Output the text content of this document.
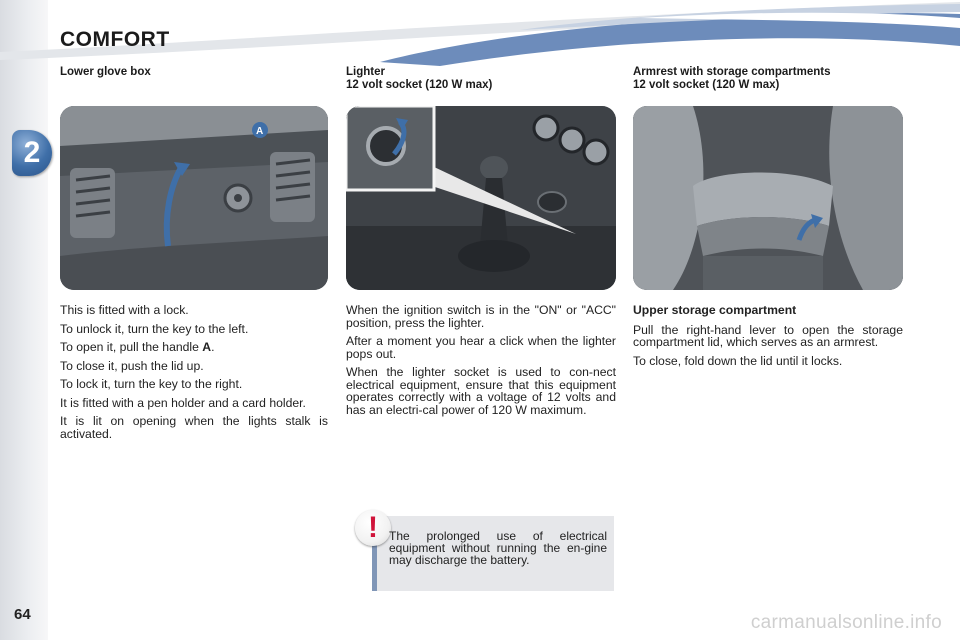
2
COMFORT
Lower glove box
A

This is fitted with a lock.

To unlock it, turn the key to the left.

To open it, pull the handle A.

To close it, push the lid up.

To lock it, turn the key to the right.

It is fitted with a pen holder and a card holder.

It is lit on opening when the lights stalk is activated.

Lighter
12 volt socket (120 W max)

When the ignition switch is in the "ON" or "ACC" position, press the lighter.

After a moment you hear a click when the lighter pops out.

When the lighter socket is used to con-nect electrical equipment, ensure that this equipment operates correctly with a voltage of 12 volts and has an electri-cal power of 120 W maximum.

Armrest with storage compartments
12 volt socket (120 W max)

Upper storage compartment

Pull the right-hand lever to open the storage compartment lid, which serves as an armrest.

To close, fold down the lid until it locks.

! The prolonged use of electrical equipment without running the en-gine may discharge the battery.
64	carmanualsonline.info
